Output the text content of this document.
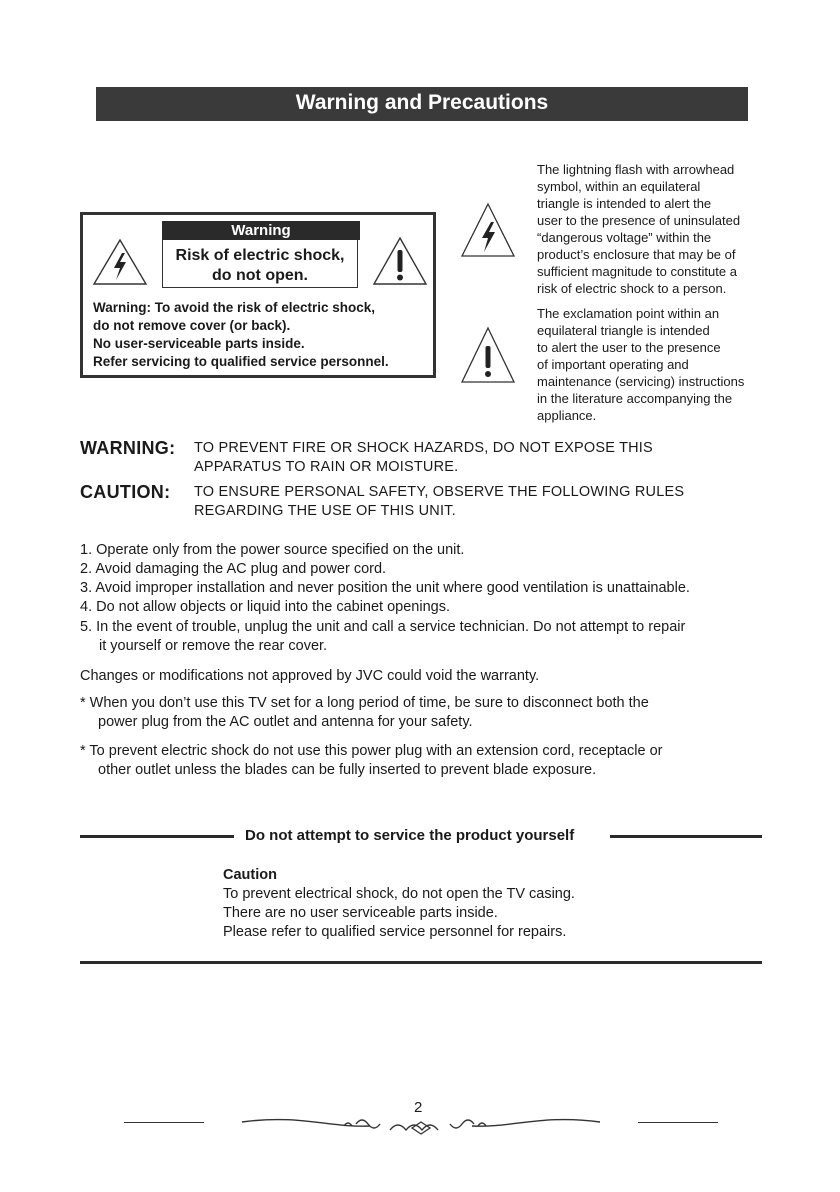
Warning and Precautions
Warning
Risk of electric shock,
do not open.
Warning: To avoid the risk of electric shock,
do not remove cover (or back).
No user-serviceable parts inside.
Refer servicing to qualified service personnel.
The lightning flash with arrowhead
symbol, within an equilateral
triangle is intended to alert the
user to the presence of uninsulated
“dangerous voltage” within the
product’s enclosure that may be of
sufficient magnitude to constitute a
risk of electric shock to a person.
The exclamation point within an
equilateral triangle is intended
to alert the user to the presence
of important operating and
maintenance (servicing) instructions
in the literature accompanying the
appliance.
WARNING: TO PREVENT FIRE OR SHOCK HAZARDS, DO NOT EXPOSE THIS
APPARATUS TO RAIN OR MOISTURE.
CAUTION: TO ENSURE PERSONAL SAFETY, OBSERVE THE FOLLOWING RULES
REGARDING THE USE OF THIS UNIT.
1. Operate only from the power source specified on the unit.
2. Avoid damaging the AC plug and power cord.
3. Avoid improper installation and never position the unit where good ventilation is unattainable.
4. Do not allow objects or liquid into the cabinet openings.
5. In the event of trouble, unplug the unit and call a service technician. Do not attempt to repair
it yourself or remove the rear cover.
Changes or modifications not approved by JVC could void the warranty.
* When you don’t use this TV set for a long period of time, be sure to disconnect both the
power plug from the AC outlet and antenna for your safety.
* To prevent electric shock do not use this power plug with an extension cord, receptacle or
other outlet unless the blades can be fully inserted to prevent blade exposure.
Do not attempt to service the product yourself
Caution
To prevent electrical shock, do not open the TV casing.
There are no user serviceable parts inside.
Please refer to qualified service personnel for repairs.
2
